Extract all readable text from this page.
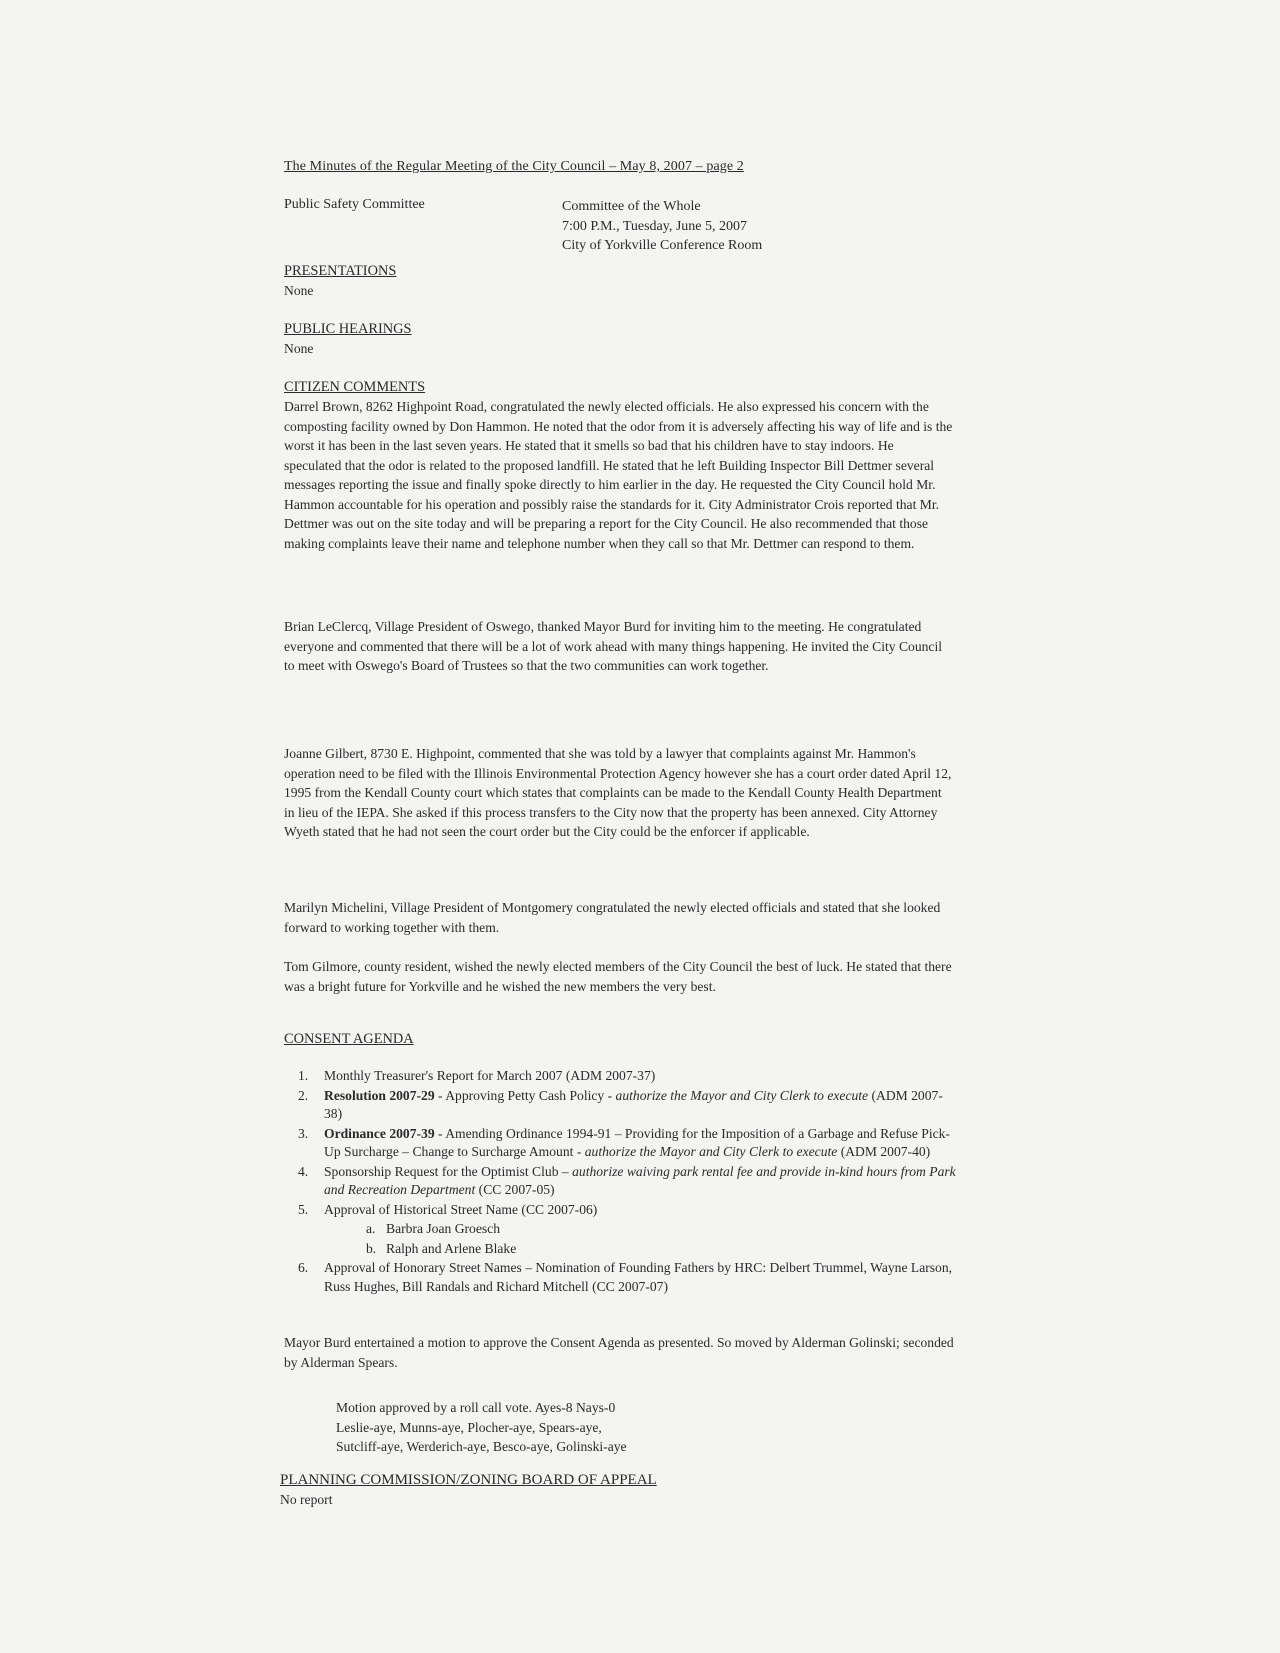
The Minutes of the Regular Meeting of the City Council – May 8, 2007 – page 2
Public Safety Committee	Committee of the Whole
7:00 P.M., Tuesday, June 5, 2007
City of Yorkville Conference Room
PRESENTATIONS
None
PUBLIC HEARINGS
None
CITIZEN COMMENTS

Darrel Brown, 8262 Highpoint Road, congratulated the newly elected officials. He also expressed his concern with the composting facility owned by Don Hammon. He noted that the odor from it is adversely affecting his way of life and is the worst it has been in the last seven years. He stated that it smells so bad that his children have to stay indoors. He speculated that the odor is related to the proposed landfill. He stated that he left Building Inspector Bill Dettmer several messages reporting the issue and finally spoke directly to him earlier in the day. He requested the City Council hold Mr. Hammon accountable for his operation and possibly raise the standards for it. City Administrator Crois reported that Mr. Dettmer was out on the site today and will be preparing a report for the City Council. He also recommended that those making complaints leave their name and telephone number when they call so that Mr. Dettmer can respond to them.

Brian LeClercq, Village President of Oswego, thanked Mayor Burd for inviting him to the meeting. He congratulated everyone and commented that there will be a lot of work ahead with many things happening. He invited the City Council to meet with Oswego's Board of Trustees so that the two communities can work together.

Joanne Gilbert, 8730 E. Highpoint, commented that she was told by a lawyer that complaints against Mr. Hammon's operation need to be filed with the Illinois Environmental Protection Agency however she has a court order dated April 12, 1995 from the Kendall County court which states that complaints can be made to the Kendall County Health Department in lieu of the IEPA. She asked if this process transfers to the City now that the property has been annexed. City Attorney Wyeth stated that he had not seen the court order but the City could be the enforcer if applicable.

Marilyn Michelini, Village President of Montgomery congratulated the newly elected officials and stated that she looked forward to working together with them.

Tom Gilmore, county resident, wished the newly elected members of the City Council the best of luck. He stated that there was a bright future for Yorkville and he wished the new members the very best.

CONSENT AGENDA
1. Monthly Treasurer's Report for March 2007 (ADM 2007-37)
2. Resolution 2007-29 - Approving Petty Cash Policy - authorize the Mayor and City Clerk to execute (ADM 2007-38)
3. Ordinance 2007-39 - Amending Ordinance 1994-91 – Providing for the Imposition of a Garbage and Refuse Pick-Up Surcharge – Change to Surcharge Amount - authorize the Mayor and City Clerk to execute (ADM 2007-40)
4. Sponsorship Request for the Optimist Club – authorize waiving park rental fee and provide in-kind hours from Park and Recreation Department (CC 2007-05)
5. Approval of Historical Street Name (CC 2007-06)
a. Barbra Joan Groesch
b. Ralph and Arlene Blake
6. Approval of Honorary Street Names – Nomination of Founding Fathers by HRC: Delbert Trummel, Wayne Larson, Russ Hughes, Bill Randals and Richard Mitchell (CC 2007-07)

Mayor Burd entertained a motion to approve the Consent Agenda as presented. So moved by Alderman Golinski; seconded by Alderman Spears.

Motion approved by a roll call vote. Ayes-8 Nays-0
Leslie-aye, Munns-aye, Plocher-aye, Spears-aye,
Sutcliff-aye, Werderich-aye, Besco-aye, Golinski-aye
PLANNING COMMISSION/ZONING BOARD OF APPEAL
No report
